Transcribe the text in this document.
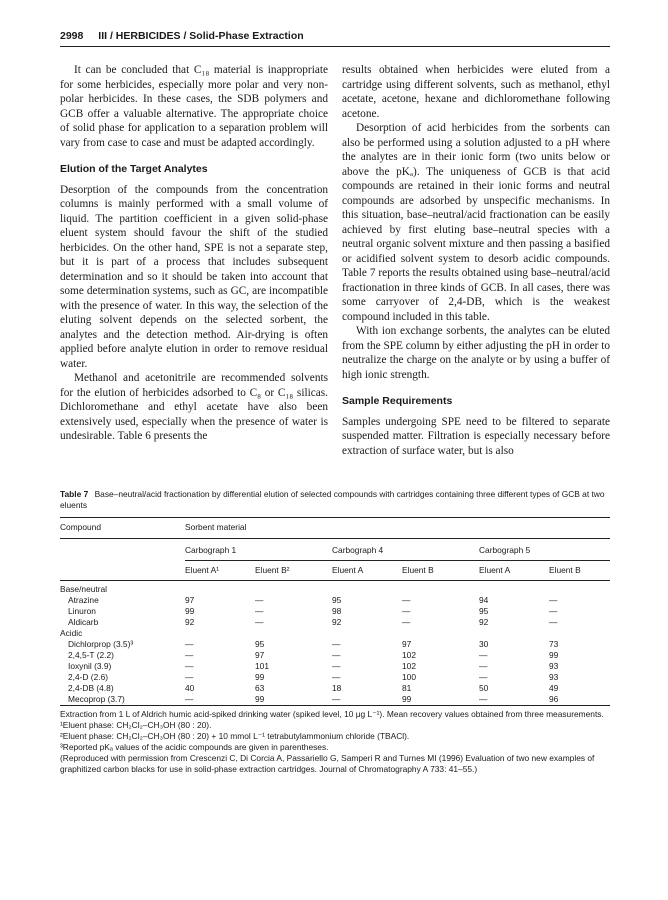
2998 III / HERBICIDES / Solid-Phase Extraction

It can be concluded that C₁₈ material is inappropriate for some herbicides, especially more polar and very non-polar herbicides. In these cases, the SDB polymers and GCB offer a valuable alternative. The appropriate choice of solid phase for application to a separation problem will vary from case to case and must be adapted accordingly.

Elution of the Target Analytes

Desorption of the compounds from the concentration columns is mainly performed with a small volume of liquid. The partition coefficient in a given solid-phase eluent system should favour the shift of the studied herbicides. On the other hand, SPE is not a separate step, but it is part of a process that includes subsequent determination and so it should be taken into account that some determination systems, such as GC, are incompatible with the presence of water. In this way, the selection of the eluting solvent depends on the selected sorbent, the analytes and the detection method. Air-drying is often applied before analyte elution in order to remove residual water.

Methanol and acetonitrile are recommended solvents for the elution of herbicides adsorbed to C₈ or C₁₈ silicas. Dichloromethane and ethyl acetate have also been extensively used, especially when the presence of water is undesirable. Table 6 presents the

results obtained when herbicides were eluted from a cartridge using different solvents, such as methanol, ethyl acetate, acetone, hexane and dichloromethane following acetone.

Desorption of acid herbicides from the sorbents can also be performed using a solution adjusted to a pH where the analytes are in their ionic form (two units below or above the pKₐ). The uniqueness of GCB is that acid compounds are retained in their ionic forms and neutral compounds are adsorbed by unspecific mechanisms. In this situation, base–neutral/acid fractionation can be easily achieved by first eluting base–neutral species with a neutral organic solvent mixture and then passing a basified or acidified solvent system to desorb acidic compounds. Table 7 reports the results obtained using base–neutral/acid fractionation in three kinds of GCB. In all cases, there was some carryover of 2,4-DB, which is the weakest compound included in this table.

With ion exchange sorbents, the analytes can be eluted from the SPE column by either adjusting the pH in order to neutralize the charge on the analyte or by using a buffer of high ionic strength.

Sample Requirements

Samples undergoing SPE need to be filtered to separate suspended matter. Filtration is especially necessary before extraction of surface water, but is also

Table 7 Base–neutral/acid fractionation by differential elution of selected compounds with cartridges containing three different types of GCB at two eluents
Compound	Sorbent material					
	Carbograph 1		Carbograph 4		Carbograph 5	
	Eluent A¹	Eluent B²	Eluent A	Eluent B	Eluent A	Eluent B
Base/neutral						
Atrazine	97	—	95	—	94	—
Linuron	99	—	98	—	95	—
Aldicarb	92	—	92	—	92	—
Acidic						
Dichlorprop (3.5)³	—	95	—	97	30	73
2,4,5-T (2.2)	—	97	—	102	—	99
Ioxynil (3.9)	—	101	—	102	—	93
2,4-D (2.6)	—	99	—	100	—	93
2,4-DB (4.8)	40	63	18	81	50	49
Mecoprop (3.7)	—	99	—	99	—	96

Extraction from 1 L of Aldrich humic acid-spiked drinking water (spiked level, 10 μg L⁻¹). Mean recovery values obtained from three measurements.

¹Eluent phase: CH₂Cl₂–CH₃OH (80 : 20).

²Eluent phase: CH₂Cl₂–CH₃OH (80 : 20) + 10 mmol L⁻¹ tetrabutylammonium chloride (TBACl).

³Reported pKₐ values of the acidic compounds are given in parentheses.

(Reproduced with permission from Crescenzi C, Di Corcia A, Passariello G, Samperi R and Turnes MI (1996) Evaluation of two new examples of graphitized carbon blacks for use in solid-phase extraction cartridges. Journal of Chromatography A 733: 41–55.)
